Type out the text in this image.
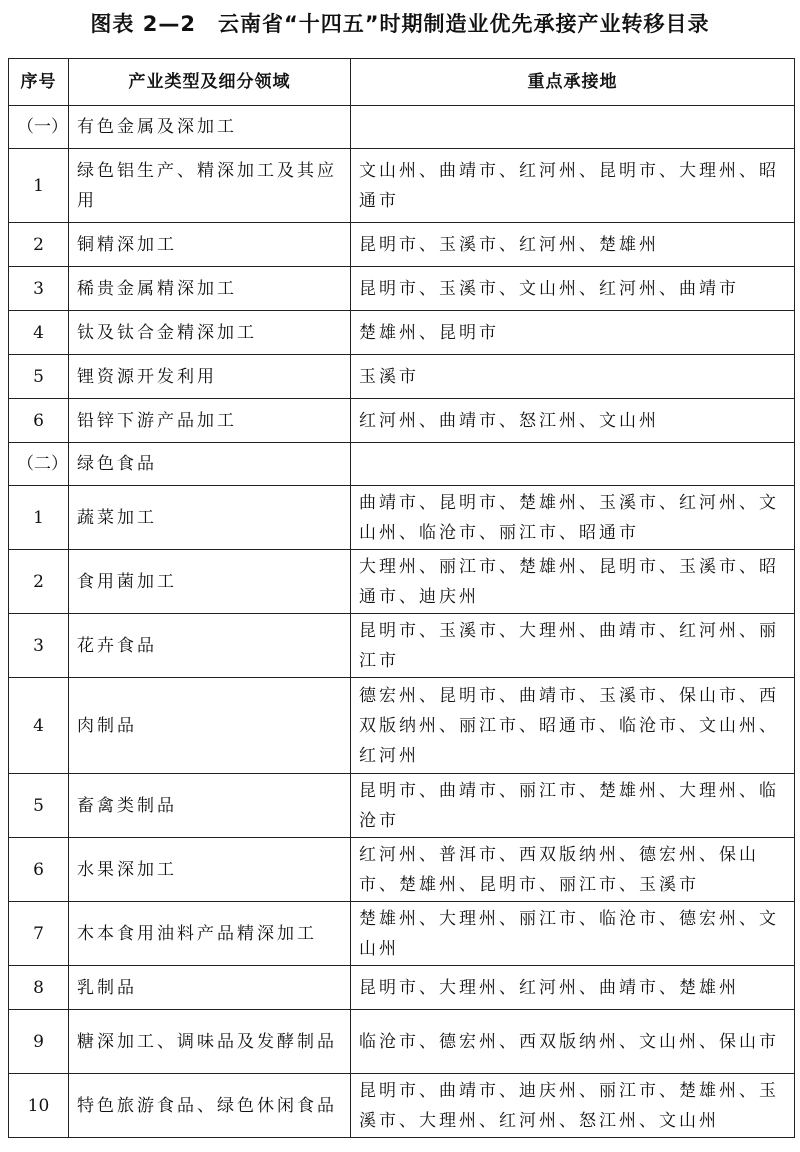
图表 2—2　云南省“十四五”时期制造业优先承接产业转移目录
序号	产业类型及细分领域	重点承接地
（一）	有色金属及深加工	
1	绿色铝生产、精深加工及其应用	文山州、曲靖市、红河州、昆明市、大理州、昭通市
2	铜精深加工	昆明市、玉溪市、红河州、楚雄州
3	稀贵金属精深加工	昆明市、玉溪市、文山州、红河州、曲靖市
4	钛及钛合金精深加工	楚雄州、昆明市
5	锂资源开发利用	玉溪市
6	铅锌下游产品加工	红河州、曲靖市、怒江州、文山州
（二）	绿色食品	
1	蔬菜加工	曲靖市、昆明市、楚雄州、玉溪市、红河州、文山州、临沧市、丽江市、昭通市
2	食用菌加工	大理州、丽江市、楚雄州、昆明市、玉溪市、昭通市、迪庆州
3	花卉食品	昆明市、玉溪市、大理州、曲靖市、红河州、丽江市
4	肉制品	德宏州、昆明市、曲靖市、玉溪市、保山市、西双版纳州、丽江市、昭通市、临沧市、文山州、红河州
5	畜禽类制品	昆明市、曲靖市、丽江市、楚雄州、大理州、临沧市
6	水果深加工	红河州、普洱市、西双版纳州、德宏州、保山市、楚雄州、昆明市、丽江市、玉溪市
7	木本食用油料产品精深加工	楚雄州、大理州、丽江市、临沧市、德宏州、文山州
8	乳制品	昆明市、大理州、红河州、曲靖市、楚雄州
9	糖深加工、调味品及发酵制品	临沧市、德宏州、西双版纳州、文山州、保山市
10	特色旅游食品、绿色休闲食品	昆明市、曲靖市、迪庆州、丽江市、楚雄州、玉溪市、大理州、红河州、怒江州、文山州
